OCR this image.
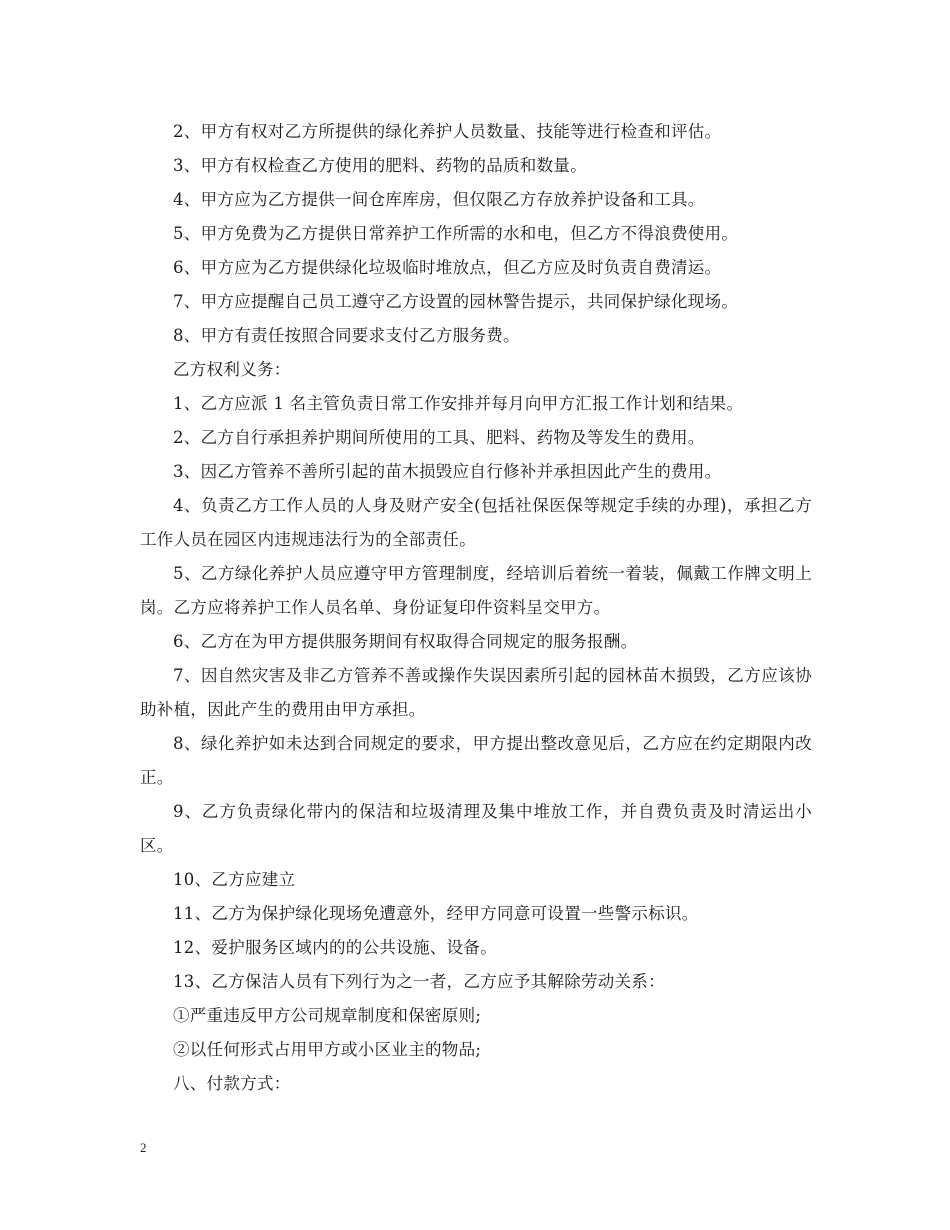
2、甲方有权对乙方所提供的绿化养护人员数量、技能等进行检查和评估。

3、甲方有权检查乙方使用的肥料、药物的品质和数量。

4、甲方应为乙方提供一间仓库库房，但仅限乙方存放养护设备和工具。

5、甲方免费为乙方提供日常养护工作所需的水和电，但乙方不得浪费使用。

6、甲方应为乙方提供绿化垃圾临时堆放点，但乙方应及时负责自费清运。

7、甲方应提醒自己员工遵守乙方设置的园林警告提示，共同保护绿化现场。

8、甲方有责任按照合同要求支付乙方服务费。

乙方权利义务：

1、乙方应派 1 名主管负责日常工作安排并每月向甲方汇报工作计划和结果。

2、乙方自行承担养护期间所使用的工具、肥料、药物及等发生的费用。

3、因乙方管养不善所引起的苗木损毁应自行修补并承担因此产生的费用。

4、负责乙方工作人员的人身及财产安全(包括社保医保等规定手续的办理)，承担乙方工作人员在园区内违规违法行为的全部责任。

5、乙方绿化养护人员应遵守甲方管理制度，经培训后着统一着装，佩戴工作牌文明上岗。乙方应将养护工作人员名单、身份证复印件资料呈交甲方。

6、乙方在为甲方提供服务期间有权取得合同规定的服务报酬。

7、因自然灾害及非乙方管养不善或操作失误因素所引起的园林苗木损毁，乙方应该协助补植，因此产生的费用由甲方承担。

8、绿化养护如未达到合同规定的要求，甲方提出整改意见后，乙方应在约定期限内改正。

9、乙方负责绿化带内的保洁和垃圾清理及集中堆放工作，并自费负责及时清运出小区。

10、乙方应建立

11、乙方为保护绿化现场免遭意外，经甲方同意可设置一些警示标识。

12、爱护服务区域内的的公共设施、设备。

13、乙方保洁人员有下列行为之一者，乙方应予其解除劳动关系：

①严重违反甲方公司规章制度和保密原则;

②以任何形式占用甲方或小区业主的物品;

八、付款方式：

2
